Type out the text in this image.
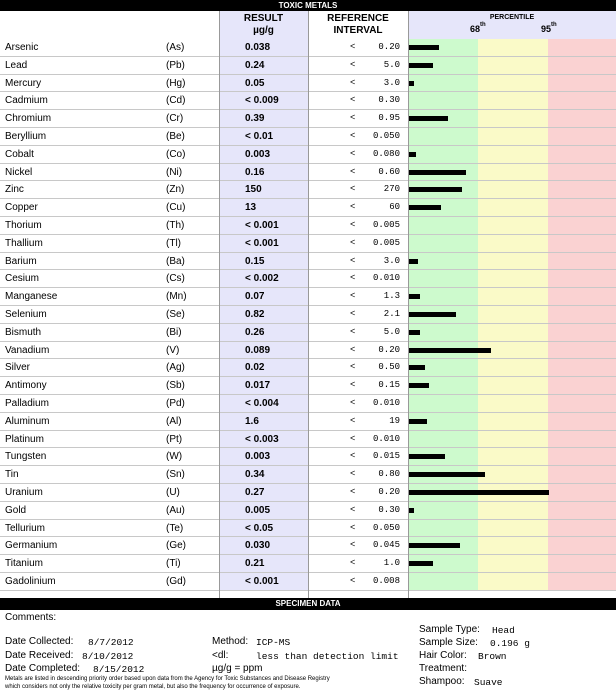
TOXIC METALS
RESULT
µg/g
REFERENCE
INTERVAL
PERCENTILE
68th	95th
Arsenic	(As)	0.038	<	0.20
Lead	(Pb)	0.24	<	5.0
Mercury	(Hg)	0.05	<	3.0
Cadmium	(Cd)	< 0.009	<	0.30
Chromium	(Cr)	0.39	<	0.95
Beryllium	(Be)	< 0.01	<	0.050
Cobalt	(Co)	0.003	<	0.080
Nickel	(Ni)	0.16	<	0.60
Zinc	(Zn)	150	<	270
Copper	(Cu)	13	<	60
Thorium	(Th)	< 0.001	<	0.005
Thallium	(Tl)	< 0.001	<	0.005
Barium	(Ba)	0.15	<	3.0
Cesium	(Cs)	< 0.002	<	0.010
Manganese	(Mn)	0.07	<	1.3
Selenium	(Se)	0.82	<	2.1
Bismuth	(Bi)	0.26	<	5.0
Vanadium	(V)	0.089	<	0.20
Silver	(Ag)	0.02	<	0.50
Antimony	(Sb)	0.017	<	0.15
Palladium	(Pd)	< 0.004	<	0.010
Aluminum	(Al)	1.6	<	19
Platinum	(Pt)	< 0.003	<	0.010
Tungsten	(W)	0.003	<	0.015
Tin	(Sn)	0.34	<	0.80
Uranium	(U)	0.27	<	0.20
Gold	(Au)	0.005	<	0.30
Tellurium	(Te)	< 0.05	<	0.050
Germanium	(Ge)	0.030	<	0.045
Titanium	(Ti)	0.21	<	1.0
Gadolinium	(Gd)	< 0.001	<	0.008
SPECIMEN DATA
Comments:
Date Collected: 8/7/2012
Date Received: 8/10/2012
Date Completed: 8/15/2012
Method: ICP-MS
<dl:	less than detection limit
µg/g = ppm
Sample Type: Head
Sample Size: 0.196 g
Hair Color: Brown
Treatment:
Shampoo: Suave
Metals are listed in descending priority order based upon data from the Agency for Toxic Substances and Disease Registry
which considers not only the relative toxicity per gram metal, but also the frequency for occurrence of exposure.
